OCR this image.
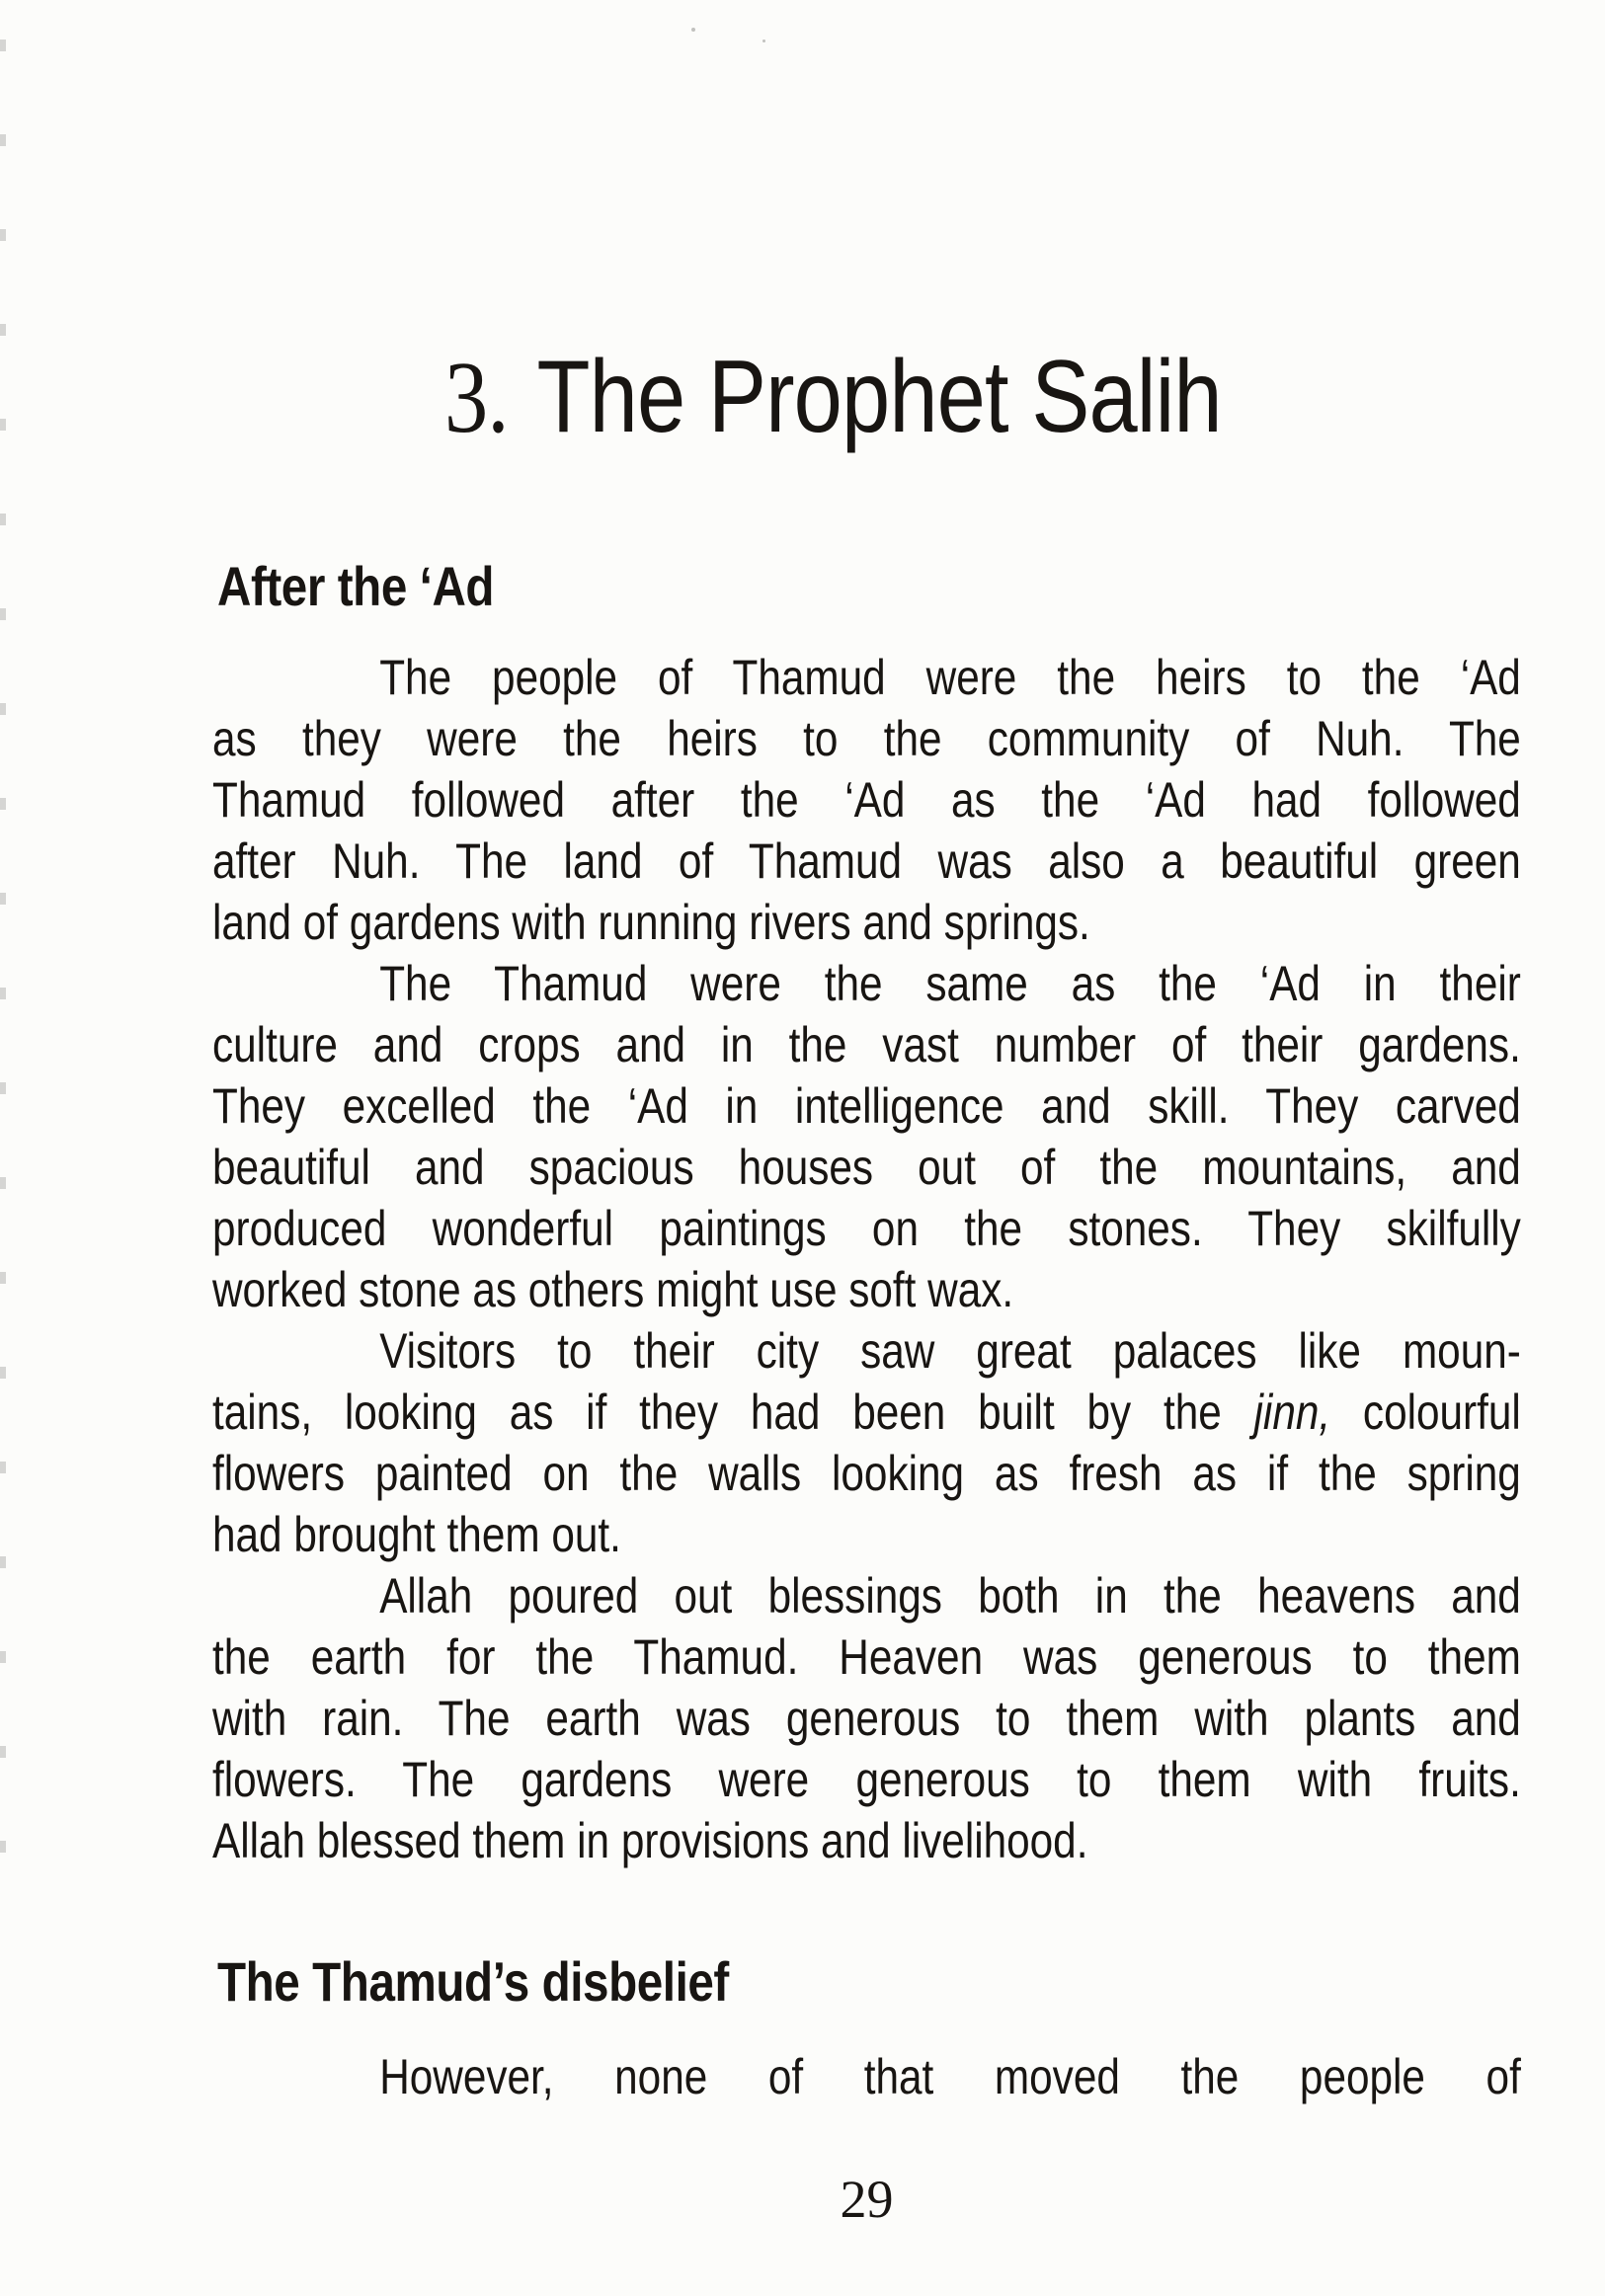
3. The Prophet Salih
After the ‘Ad
The people of Thamud were the heirs to the ‘Ad
as they were the heirs to the community of Nuh. The
Thamud followed after the ‘Ad as the ‘Ad had followed
after Nuh. The land of Thamud was also a beautiful green
land of gardens with running rivers and springs.
The Thamud were the same as the ‘Ad in their
culture and crops and in the vast number of their gardens.
They excelled the ‘Ad in intelligence and skill. They carved
beautiful and spacious houses out of the mountains, and
produced wonderful paintings on the stones. They skilfully
worked stone as others might use soft wax.
Visitors to their city saw great palaces like moun-
tains, looking as if they had been built by the jinn, colourful
flowers painted on the walls looking as fresh as if the spring
had brought them out.
Allah poured out blessings both in the heavens and
the earth for the Thamud. Heaven was generous to them
with rain. The earth was generous to them with plants and
flowers. The gardens were generous to them with fruits.
Allah blessed them in provisions and livelihood.
The Thamud’s disbelief
However, none of that moved the people of
29
